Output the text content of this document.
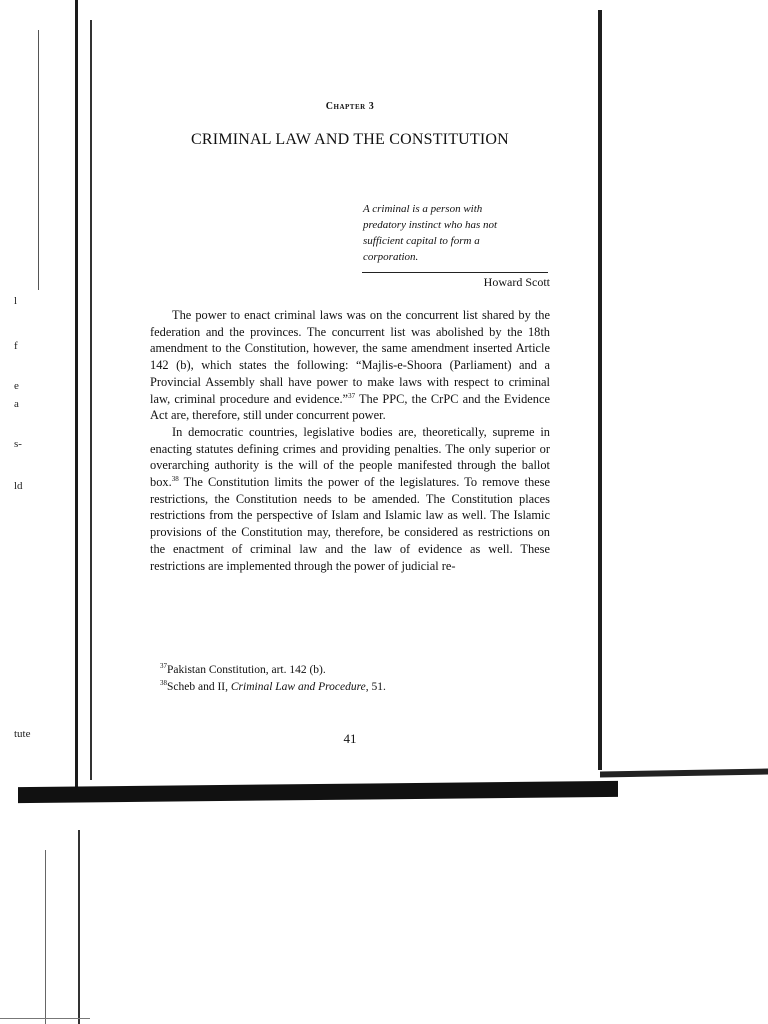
l
f
e
a
s-
ld
tute
Chapter 3
CRIMINAL LAW AND THE CONSTITUTION
A criminal is a person with
predatory instinct who has not
sufficient capital to form a
corporation.
Howard Scott

The power to enact criminal laws was on the concurrent list shared by the federation and the provinces. The concurrent list was abolished by the 18th amendment to the Constitution, however, the same amendment inserted Article 142 (b), which states the following: “Majlis-e-Shoora (Parliament) and a Provincial Assembly shall have power to make laws with respect to criminal law, criminal procedure and evidence.”$^{37}$ The PPC, the CrPC and the Evidence Act are, therefore, still under concurrent power.

In democratic countries, legislative bodies are, theoretically, supreme in enacting statutes defining crimes and providing penalties. The only superior or overarching authority is the will of the people manifested through the ballot box.$^{38}$ The Constitution limits the power of the legislatures. To remove these restrictions, the Constitution needs to be amended. The Constitution places restrictions from the perspective of Islam and Islamic law as well. The Islamic provisions of the Constitution may, therefore, be considered as restrictions on the enactment of criminal law and the law of evidence as well. These restrictions are implemented through the power of judicial re-

$^{37}$Pakistan Constitution, art. 142 (b).
$^{38}$Scheb and II, Criminal Law and Procedure, 51.
41
